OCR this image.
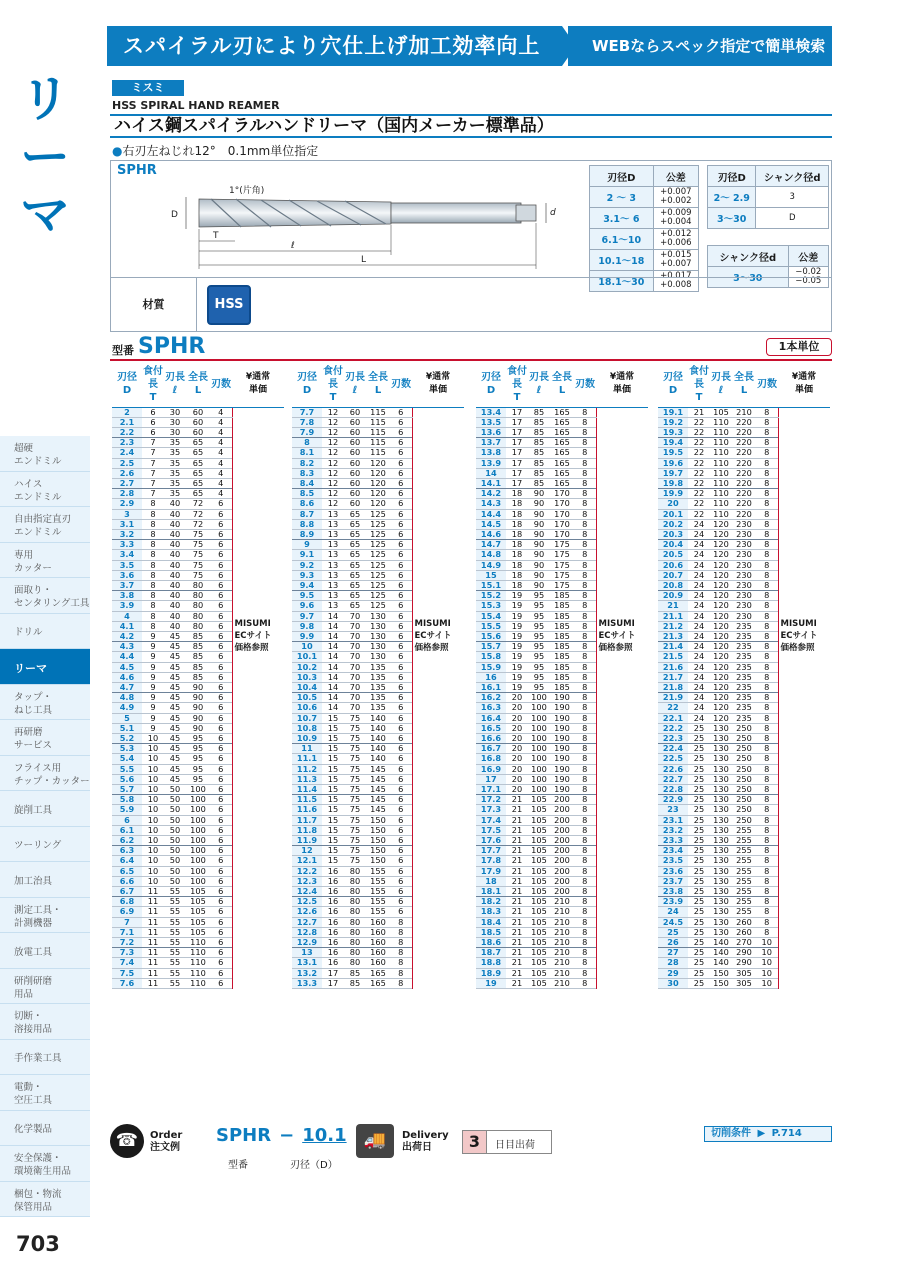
リ
ー
マ
超硬
エンドミル
ハイス
エンドミル
自由指定直刃
エンドミル
専用
カッター
面取り・
センタリング工具
ドリル
リーマ
タップ・
ねじ工具
再研磨
サービス
フライス用
チップ・カッター
旋削工具
ツーリング
加工治具
測定工具・
計測機器
放電工具
研削研磨
用品
切断・
溶接用品
手作業工具
電動・
空圧工具
化学製品
安全保護・
環境衛生用品
梱包・物流
保管用品
703
スパイラル刃により穴仕上げ加工効率向上	WEBならスペック指定で簡単検索
ミスミ
HSS SPIRAL HAND REAMER
ハイス鋼スパイラルハンドリーマ（国内メーカー標準品）
●右刃左ねじれ12°　0.1mm単位指定
SPHR
D	d
1°(片角)
T
ℓ
L
刃径D	公差
2 ～ 3	+0.007
+0.002
3.1～ 6	+0.009
+0.004
6.1～10	+0.012
+0.006
10.1～18	+0.015
+0.007
18.1～30	+0.017
+0.008
刃径D	シャンク径d
2～ 2.9	3
3～30	D
シャンク径d	公差
3～30	−0.02
−0.05
材質	HSS
型番 SPHR	1本単位
刃径
D	食付長
T	刃長
ℓ	全長
L	刃数	¥通常
単価
2	6	30	60	4	MISUMI
ECサイト
価格参照

2.1	6	30	60	4	
2.2	6	30	60	4	
2.3	7	35	65	4	
2.4	7	35	65	4	
2.5	7	35	65	4	
2.6	7	35	65	4	
2.7	7	35	65	4	
2.8	7	35	65	4	
2.9	8	40	72	6	
3	8	40	72	6	
3.1	8	40	72	6	
3.2	8	40	75	6	
3.3	8	40	75	6	
3.4	8	40	75	6	
3.5	8	40	75	6	
3.6	8	40	75	6	
3.7	8	40	80	6	
3.8	8	40	80	6	
3.9	8	40	80	6	
4	8	40	80	6	
4.1	8	40	80	6	
4.2	9	45	85	6	
4.3	9	45	85	6	
4.4	9	45	85	6	
4.5	9	45	85	6	
4.6	9	45	85	6	
4.7	9	45	90	6	
4.8	9	45	90	6	
4.9	9	45	90	6	
5	9	45	90	6	
5.1	9	45	90	6	
5.2	10	45	95	6	
5.3	10	45	95	6	
5.4	10	45	95	6	
5.5	10	45	95	6	
5.6	10	45	95	6	
5.7	10	50	100	6	
5.8	10	50	100	6	
5.9	10	50	100	6	
6	10	50	100	6	
6.1	10	50	100	6	
6.2	10	50	100	6	
6.3	10	50	100	6	
6.4	10	50	100	6	
6.5	10	50	100	6	
6.6	10	50	100	6	
6.7	11	55	105	6	
6.8	11	55	105	6	
6.9	11	55	105	6	
7	11	55	105	6	
7.1	11	55	105	6	
7.2	11	55	110	6	
7.3	11	55	110	6	
7.4	11	55	110	6	
7.5	11	55	110	6	
7.6	11	55	110	6	
刃径
D	食付長
T	刃長
ℓ	全長
L	刃数	¥通常
単価
7.7	12	60	115	6	MISUMI
ECサイト
価格参照

7.8	12	60	115	6	
7.9	12	60	115	6	
8	12	60	115	6	
8.1	12	60	115	6	
8.2	12	60	120	6	
8.3	12	60	120	6	
8.4	12	60	120	6	
8.5	12	60	120	6	
8.6	12	60	120	6	
8.7	13	65	125	6	
8.8	13	65	125	6	
8.9	13	65	125	6	
9	13	65	125	6	
9.1	13	65	125	6	
9.2	13	65	125	6	
9.3	13	65	125	6	
9.4	13	65	125	6	
9.5	13	65	125	6	
9.6	13	65	125	6	
9.7	14	70	130	6	
9.8	14	70	130	6	
9.9	14	70	130	6	
10	14	70	130	6	
10.1	14	70	130	6	
10.2	14	70	135	6	
10.3	14	70	135	6	
10.4	14	70	135	6	
10.5	14	70	135	6	
10.6	14	70	135	6	
10.7	15	75	140	6	
10.8	15	75	140	6	
10.9	15	75	140	6	
11	15	75	140	6	
11.1	15	75	140	6	
11.2	15	75	145	6	
11.3	15	75	145	6	
11.4	15	75	145	6	
11.5	15	75	145	6	
11.6	15	75	145	6	
11.7	15	75	150	6	
11.8	15	75	150	6	
11.9	15	75	150	6	
12	15	75	150	6	
12.1	15	75	150	6	
12.2	16	80	155	6	
12.3	16	80	155	6	
12.4	16	80	155	6	
12.5	16	80	155	6	
12.6	16	80	155	6	
12.7	16	80	160	8	
12.8	16	80	160	8	
12.9	16	80	160	8	
13	16	80	160	8	
13.1	16	80	160	8	
13.2	17	85	165	8	
13.3	17	85	165	8	
刃径
D	食付長
T	刃長
ℓ	全長
L	刃数	¥通常
単価
13.4	17	85	165	8	MISUMI
ECサイト
価格参照

13.5	17	85	165	8	
13.6	17	85	165	8	
13.7	17	85	165	8	
13.8	17	85	165	8	
13.9	17	85	165	8	
14	17	85	165	8	
14.1	17	85	165	8	
14.2	18	90	170	8	
14.3	18	90	170	8	
14.4	18	90	170	8	
14.5	18	90	170	8	
14.6	18	90	170	8	
14.7	18	90	175	8	
14.8	18	90	175	8	
14.9	18	90	175	8	
15	18	90	175	8	
15.1	18	90	175	8	
15.2	19	95	185	8	
15.3	19	95	185	8	
15.4	19	95	185	8	
15.5	19	95	185	8	
15.6	19	95	185	8	
15.7	19	95	185	8	
15.8	19	95	185	8	
15.9	19	95	185	8	
16	19	95	185	8	
16.1	19	95	185	8	
16.2	20	100	190	8	
16.3	20	100	190	8	
16.4	20	100	190	8	
16.5	20	100	190	8	
16.6	20	100	190	8	
16.7	20	100	190	8	
16.8	20	100	190	8	
16.9	20	100	190	8	
17	20	100	190	8	
17.1	20	100	190	8	
17.2	21	105	200	8	
17.3	21	105	200	8	
17.4	21	105	200	8	
17.5	21	105	200	8	
17.6	21	105	200	8	
17.7	21	105	200	8	
17.8	21	105	200	8	
17.9	21	105	200	8	
18	21	105	200	8	
18.1	21	105	200	8	
18.2	21	105	210	8	
18.3	21	105	210	8	
18.4	21	105	210	8	
18.5	21	105	210	8	
18.6	21	105	210	8	
18.7	21	105	210	8	
18.8	21	105	210	8	
18.9	21	105	210	8	
19	21	105	210	8	
刃径
D	食付長
T	刃長
ℓ	全長
L	刃数	¥通常
単価
19.1	21	105	210	8	MISUMI
ECサイト
価格参照

19.2	22	110	220	8	
19.3	22	110	220	8	
19.4	22	110	220	8	
19.5	22	110	220	8	
19.6	22	110	220	8	
19.7	22	110	220	8	
19.8	22	110	220	8	
19.9	22	110	220	8	
20	22	110	220	8	
20.1	22	110	220	8	
20.2	24	120	230	8	
20.3	24	120	230	8	
20.4	24	120	230	8	
20.5	24	120	230	8	
20.6	24	120	230	8	
20.7	24	120	230	8	
20.8	24	120	230	8	
20.9	24	120	230	8	
21	24	120	230	8	
21.1	24	120	230	8	
21.2	24	120	235	8	
21.3	24	120	235	8	
21.4	24	120	235	8	
21.5	24	120	235	8	
21.6	24	120	235	8	
21.7	24	120	235	8	
21.8	24	120	235	8	
21.9	24	120	235	8	
22	24	120	235	8	
22.1	24	120	235	8	
22.2	25	130	250	8	
22.3	25	130	250	8	
22.4	25	130	250	8	
22.5	25	130	250	8	
22.6	25	130	250	8	
22.7	25	130	250	8	
22.8	25	130	250	8	
22.9	25	130	250	8	
23	25	130	250	8	
23.1	25	130	250	8	
23.2	25	130	255	8	
23.3	25	130	255	8	
23.4	25	130	255	8	
23.5	25	130	255	8	
23.6	25	130	255	8	
23.7	25	130	255	8	
23.8	25	130	255	8	
23.9	25	130	255	8	
24	25	130	255	8	
24.5	25	130	260	8	
25	25	130	260	8	
26	25	140	270	10	
27	25	140	290	10	
28	25	140	290	10	
29	25	150	305	10	
30	25	150	305	10	
☎	Order
注文例
SPHR − 10.1
型番	刃径（D）
🚚	Delivery
出荷日	3	日目出荷
切削条件 ▶ P.714
